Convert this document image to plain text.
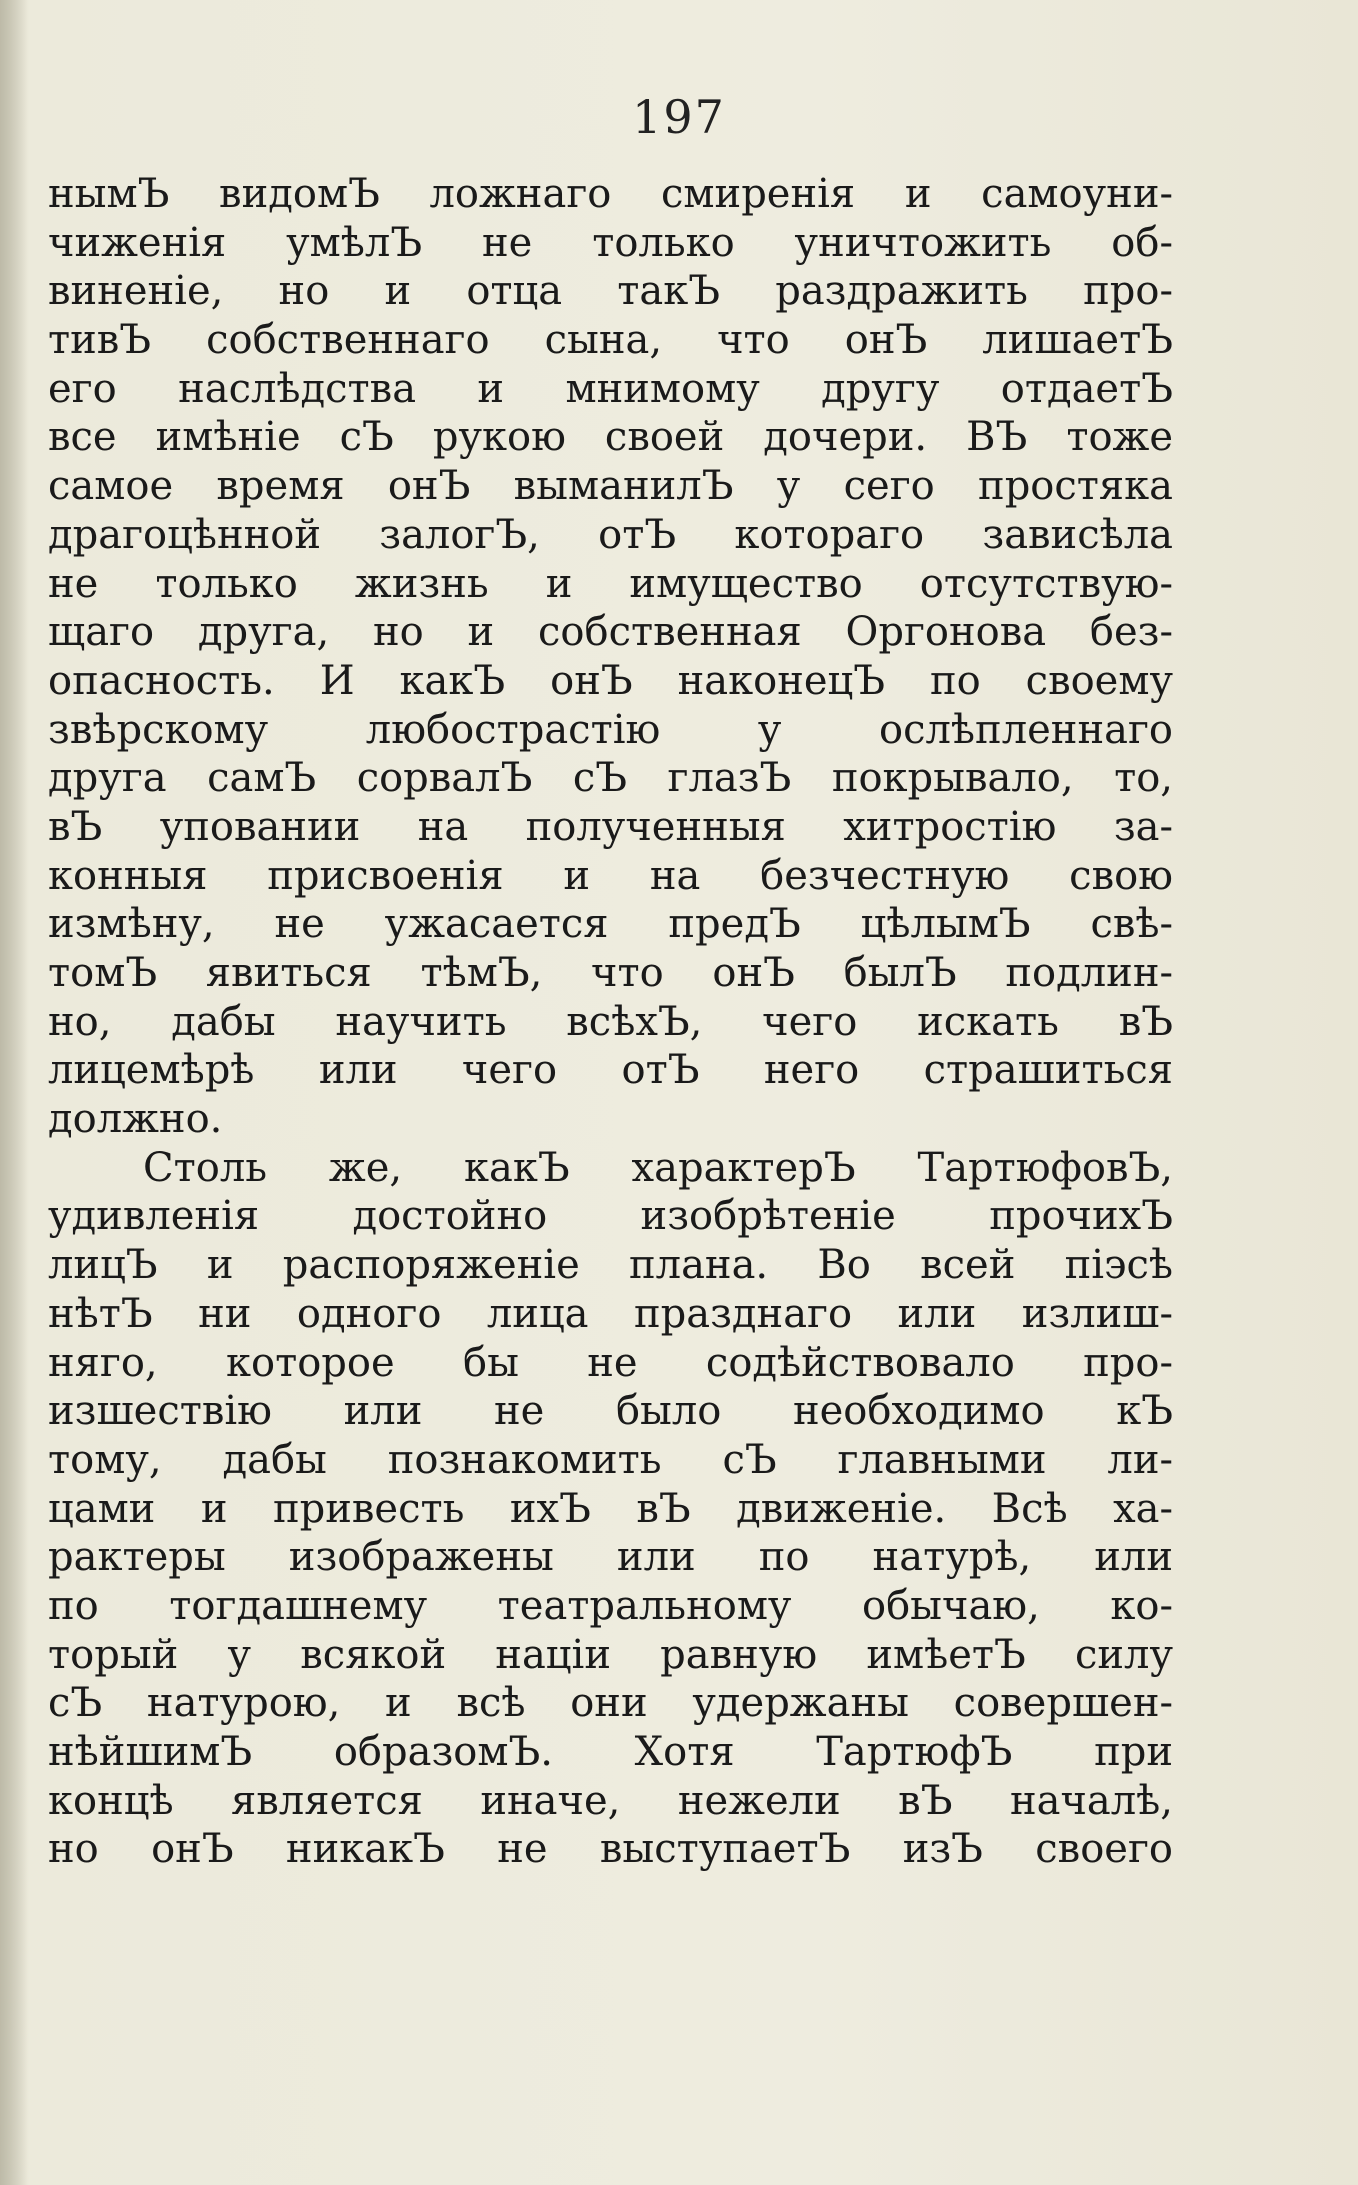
197
нымЪ видомЪ ложнаго смиренія и самоуни-
чиженія умѣлЪ не только уничтожить об-
виненіе, но и отца такЪ раздражить про-
тивЪ собственнаго сына, что онЪ лишаетЪ
его наслѣдства и мнимому другу отдаетЪ
все имѣніе сЪ рукою своей дочери. ВЪ тоже
самое время онЪ выманилЪ у сего простяка
драгоцѣнной залогЪ, отЪ котораго зависѣла
не только жизнь и имущество отсутствую-
щаго друга, но и собственная Оргонова без-
опасность. И какЪ онЪ наконецЪ по своему
звѣрскому любострастію у ослѣпленнаго
друга самЪ сорвалЪ сЪ глазЪ покрывало, то,
вЪ уповании на полученныя хитростію за-
конныя присвоенія и на безчестную свою
измѣну, не ужасается предЪ цѣлымЪ свѣ-
томЪ явиться тѣмЪ, что онЪ былЪ подлин-
но, дабы научить всѣхЪ, чего искать вЪ
лицемѣрѣ или чего отЪ него страшиться
должно.
Столь же, какЪ характерЪ ТартюфовЪ,
удивленія достойно изобрѣтеніе прочихЪ
лицЪ и распоряженіе плана. Во всей піэсѣ
нѣтЪ ни одного лица празднаго или излиш-
няго, которое бы не содѣйствовало про-
изшествію или не было необходимо кЪ
тому, дабы познакомить сЪ главными ли-
цами и привесть ихЪ вЪ движеніе. Всѣ ха-
рактеры изображены или по натурѣ, или
по тогдашнему театральному обычаю, ко-
торый у всякой націи равную имѣетЪ силу
сЪ натурою, и всѣ они удержаны совершен-
нѣйшимЪ образомЪ. Хотя ТартюфЪ при
концѣ является иначе, нежели вЪ началѣ,
но онЪ никакЪ не выступаетЪ изЪ своего
